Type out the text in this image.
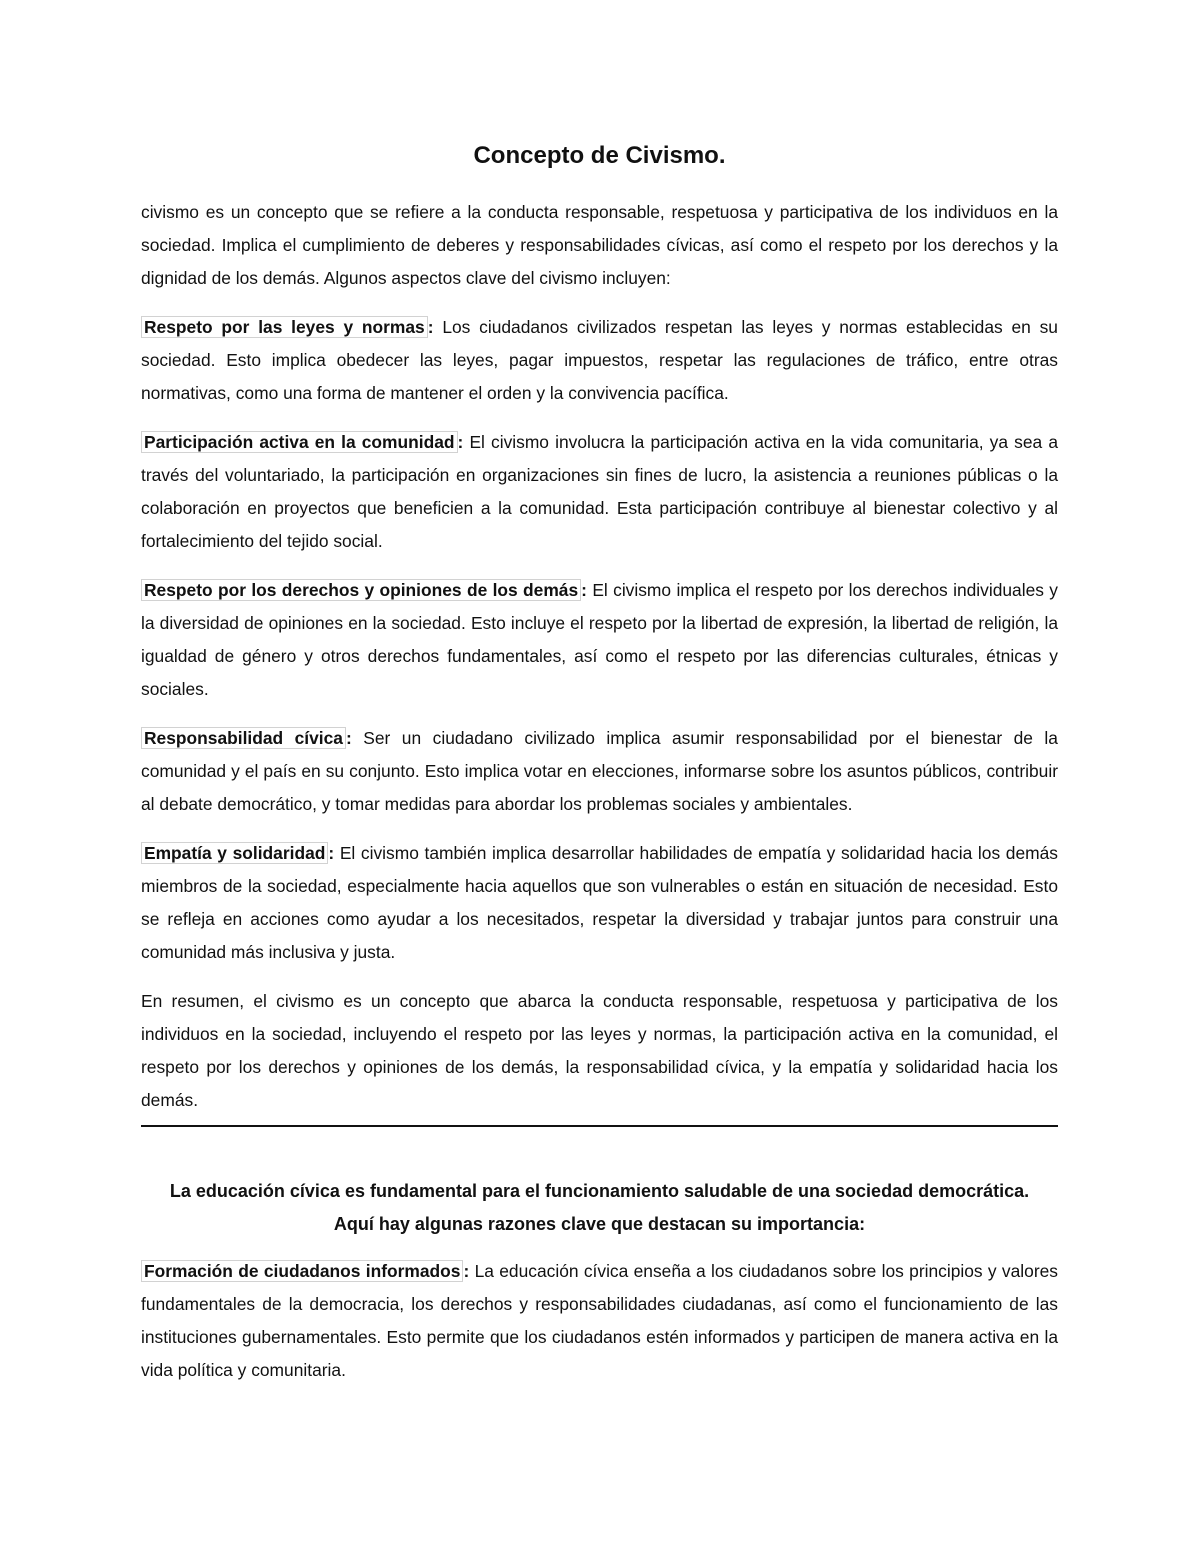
Concepto de Civismo.

civismo es un concepto que se refiere a la conducta responsable, respetuosa y participativa de los individuos en la sociedad. Implica el cumplimiento de deberes y responsabilidades cívicas, así como el respeto por los derechos y la dignidad de los demás. Algunos aspectos clave del civismo incluyen:

Respeto por las leyes y normas : Los ciudadanos civilizados respetan las leyes y normas establecidas en su sociedad. Esto implica obedecer las leyes, pagar impuestos, respetar las regulaciones de tráfico, entre otras normativas, como una forma de mantener el orden y la convivencia pacífica.

Participación activa en la comunidad : El civismo involucra la participación activa en la vida comunitaria, ya sea a través del voluntariado, la participación en organizaciones sin fines de lucro, la asistencia a reuniones públicas o la colaboración en proyectos que beneficien a la comunidad. Esta participación contribuye al bienestar colectivo y al fortalecimiento del tejido social.

Respeto por los derechos y opiniones de los demás : El civismo implica el respeto por los derechos individuales y la diversidad de opiniones en la sociedad. Esto incluye el respeto por la libertad de expresión, la libertad de religión, la igualdad de género y otros derechos fundamentales, así como el respeto por las diferencias culturales, étnicas y sociales.

Responsabilidad cívica : Ser un ciudadano civilizado implica asumir responsabilidad por el bienestar de la comunidad y el país en su conjunto. Esto implica votar en elecciones, informarse sobre los asuntos públicos, contribuir al debate democrático, y tomar medidas para abordar los problemas sociales y ambientales.

Empatía y solidaridad : El civismo también implica desarrollar habilidades de empatía y solidaridad hacia los demás miembros de la sociedad, especialmente hacia aquellos que son vulnerables o están en situación de necesidad. Esto se refleja en acciones como ayudar a los necesitados, respetar la diversidad y trabajar juntos para construir una comunidad más inclusiva y justa.

En resumen, el civismo es un concepto que abarca la conducta responsable, respetuosa y participativa de los individuos en la sociedad, incluyendo el respeto por las leyes y normas, la participación activa en la comunidad, el respeto por los derechos y opiniones de los demás, la responsabilidad cívica, y la empatía y solidaridad hacia los demás.

La educación cívica es fundamental para el funcionamiento saludable de una sociedad democrática.
Aquí hay algunas razones clave que destacan su importancia:

Formación de ciudadanos informados : La educación cívica enseña a los ciudadanos sobre los principios y valores fundamentales de la democracia, los derechos y responsabilidades ciudadanas, así como el funcionamiento de las instituciones gubernamentales. Esto permite que los ciudadanos estén informados y participen de manera activa en la vida política y comunitaria.
